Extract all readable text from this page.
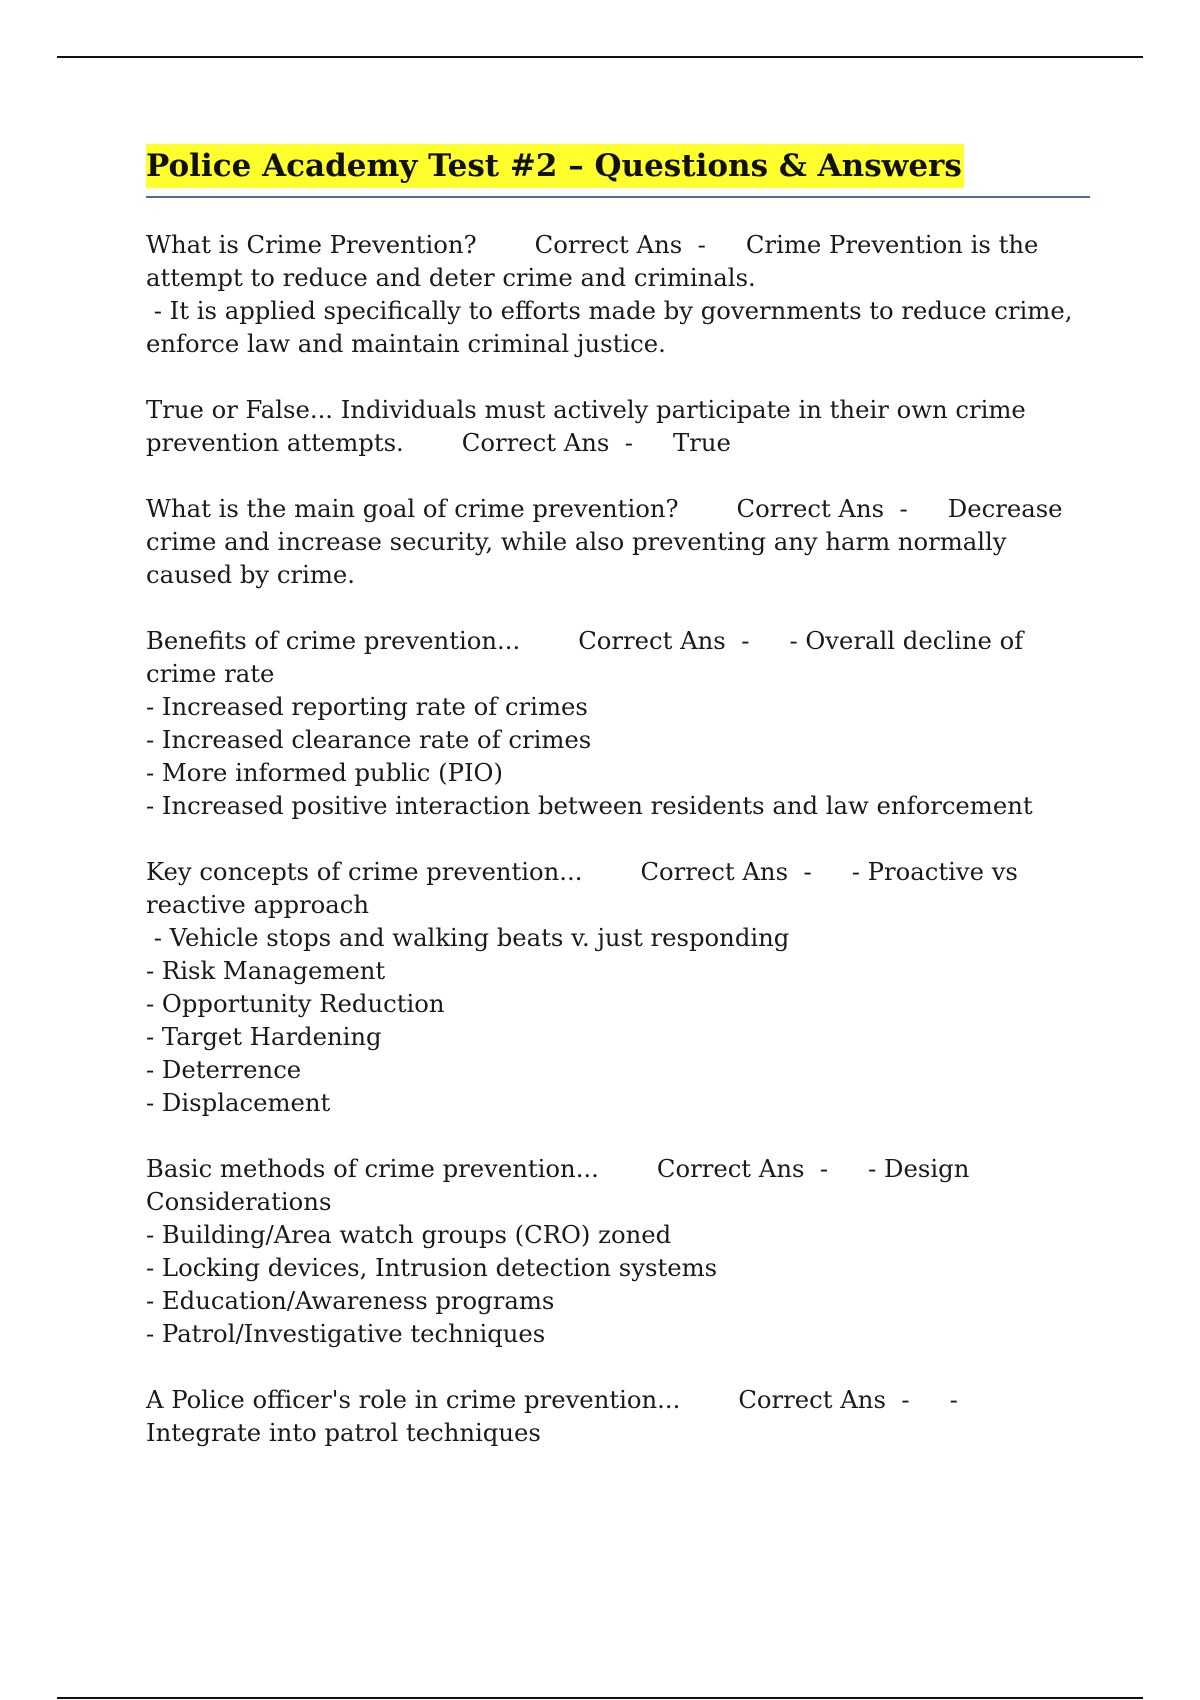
Police Academy Test #2 – Questions & Answers
What is Crime Prevention? Correct Ans  - Crime Prevention is the
attempt to reduce and deter crime and criminals.
- It is applied specifically to efforts made by governments to reduce crime,
enforce law and maintain criminal justice.
True or False... Individuals must actively participate in their own crime
prevention attempts. Correct Ans  - True
What is the main goal of crime prevention? Correct Ans  - Decrease
crime and increase security, while also preventing any harm normally
caused by crime.
Benefits of crime prevention... Correct Ans  - - Overall decline of
crime rate
- Increased reporting rate of crimes
- Increased clearance rate of crimes
- More informed public (PIO)
- Increased positive interaction between residents and law enforcement
Key concepts of crime prevention... Correct Ans  - - Proactive vs
reactive approach
- Vehicle stops and walking beats v. just responding
- Risk Management
- Opportunity Reduction
- Target Hardening
- Deterrence
- Displacement
Basic methods of crime prevention... Correct Ans  - - Design
Considerations
- Building/Area watch groups (CRO) zoned
- Locking devices, Intrusion detection systems
- Education/Awareness programs
- Patrol/Investigative techniques
A Police officer's role in crime prevention... Correct Ans  - -
Integrate into patrol techniques
